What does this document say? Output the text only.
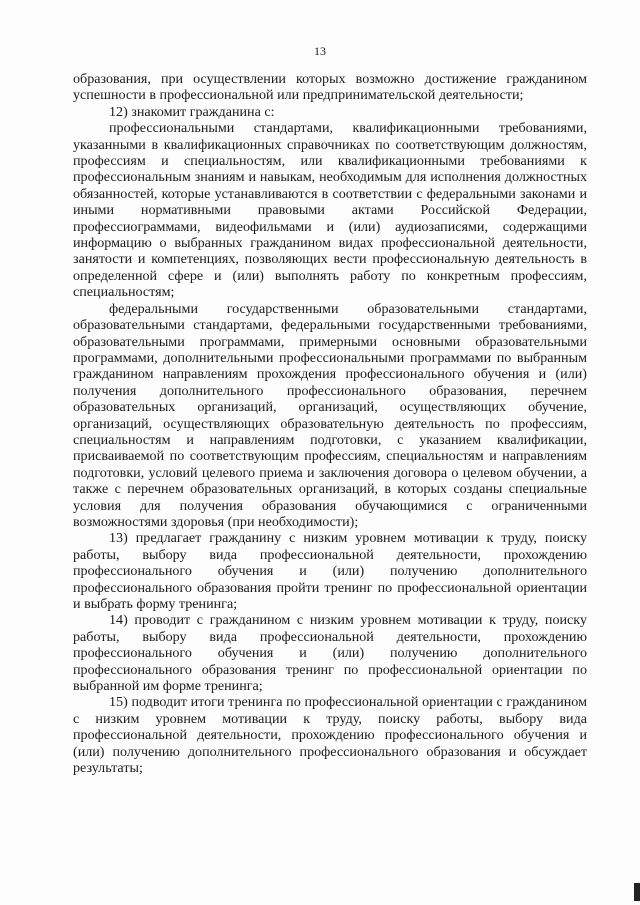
13

образования, при осуществлении которых возможно достижение гражданином успешности в профессиональной или предпринимательской деятельности;

12) знакомит гражданина с:

профессиональными стандартами, квалификационными требованиями, указанными в квалификационных справочниках по соответствующим должностям, профессиям и специальностям, или квалификационными требованиями к профессиональным знаниям и навыкам, необходимым для исполнения должностных обязанностей, которые устанавливаются в соответствии с федеральными законами и иными нормативными правовыми актами Российской Федерации, профессиограммами, видеофильмами и (или) аудиозаписями, содержащими информацию о выбранных гражданином видах профессиональной деятельности, занятости и компетенциях, позволяющих вести профессиональную деятельность в определенной сфере и (или) выполнять работу по конкретным профессиям, специальностям;

федеральными государственными образовательными стандартами, образовательными стандартами, федеральными государственными требованиями, образовательными программами, примерными основными образовательными программами, дополнительными профессиональными программами по выбранным гражданином направлениям прохождения профессионального обучения и (или) получения дополнительного профессионального образования, перечнем образовательных организаций, организаций, осуществляющих обучение, организаций, осуществляющих образовательную деятельность по профессиям, специальностям и направлениям подготовки, с указанием квалификации, присваиваемой по соответствующим профессиям, специальностям и направлениям подготовки, условий целевого приема и заключения договора о целевом обучении, а также с перечнем образовательных организаций, в которых созданы специальные условия для получения образования обучающимися с ограниченными возможностями здоровья (при необходимости);

13) предлагает гражданину с низким уровнем мотивации к труду, поиску работы, выбору вида профессиональной деятельности, прохождению профессионального обучения и (или) получению дополнительного профессионального образования пройти тренинг по профессиональной ориентации и выбрать форму тренинга;

14) проводит с гражданином с низким уровнем мотивации к труду, поиску работы, выбору вида профессиональной деятельности, прохождению профессионального обучения и (или) получению дополнительного профессионального образования тренинг по профессиональной ориентации по выбранной им форме тренинга;

15) подводит итоги тренинга по профессиональной ориентации с гражданином с низким уровнем мотивации к труду, поиску работы, выбору вида профессиональной деятельности, прохождению профессионального обучения и (или) получению дополнительного профессионального образования и обсуждает результаты;
